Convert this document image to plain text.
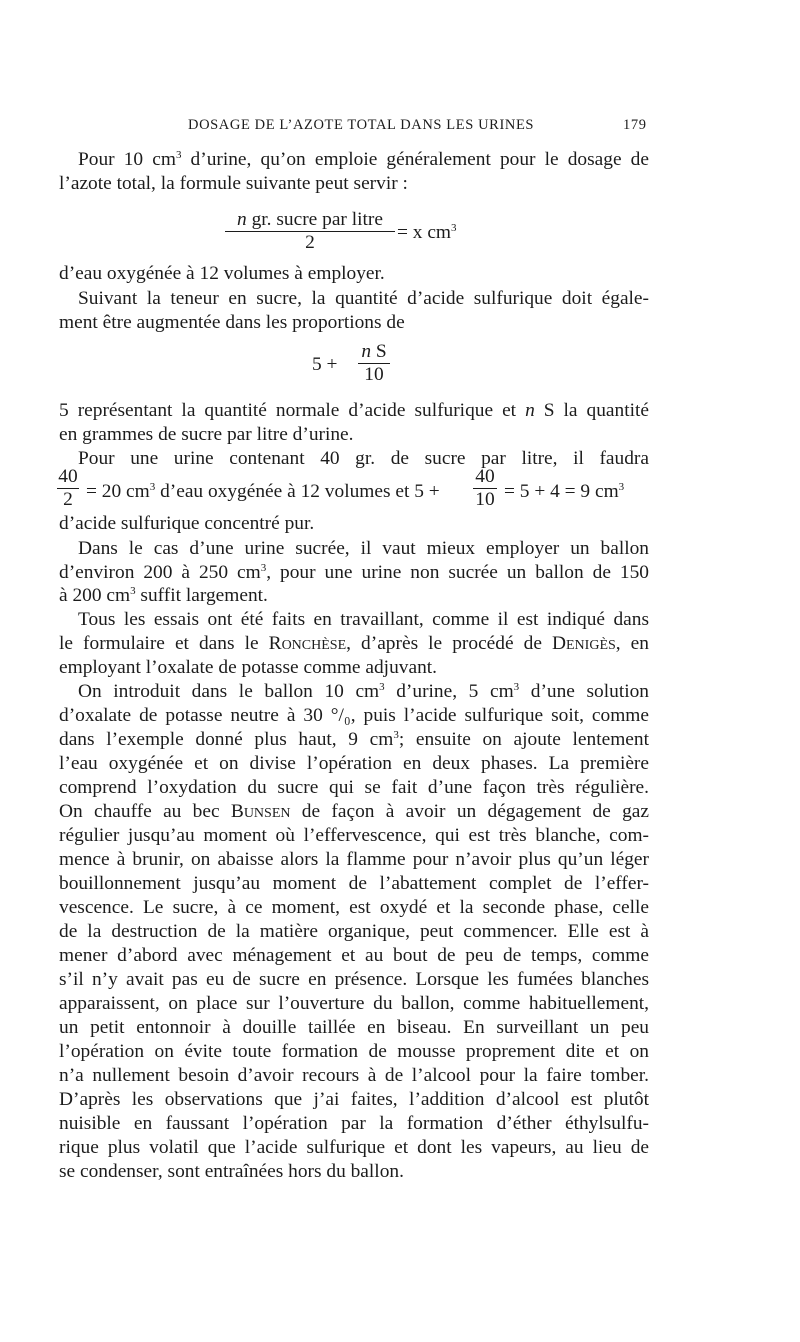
DOSAGE DE L’AZOTE TOTAL DANS LES URINES	179
Pour 10 $cm^3$ d’urine, qu’on emploie généralement pour le dosage de
l’azote total, la formule suivante peut servir :
n gr. sucre par litre
2	= x $cm^3$
d’eau oxygénée à 12 volumes à employer.
Suivant la teneur en sucre, la quantité d’acide sulfurique doit égale-
ment être augmentée dans les proportions de
5 +
n S
10
5 représentant la quantité normale d’acide sulfurique et n S la quantité
en grammes de sucre par litre d’urine.
Pour une urine contenant 40 gr. de sucre par litre, il faudra
40
2 = 20 $cm^3$ d’eau oxygénée à 12 volumes et 5 +
40
10 = 5 + 4 = 9 $cm^3$
d’acide sulfurique concentré pur.
Dans le cas d’une urine sucrée, il vaut mieux employer un ballon
d’environ 200 à 250 $cm^3$, pour une urine non sucrée un ballon de 150
à 200 $cm^3$ suffit largement.
Tous les essais ont été faits en travaillant, comme il est indiqué dans
le formulaire et dans le Ronchèse, d’après le procédé de Denigès, en
employant l’oxalate de potasse comme adjuvant.
On introduit dans le ballon 10 $cm^3$ d’urine, 5 $cm^3$ d’une solution
d’oxalate de potasse neutre à 30 °/₀, puis l’acide sulfurique soit, comme
dans l’exemple donné plus haut, 9 $cm^3$; ensuite on ajoute lentement
l’eau oxygénée et on divise l’opération en deux phases. La première
comprend l’oxydation du sucre qui se fait d’une façon très régulière.
On chauffe au bec Bunsen de façon à avoir un dégagement de gaz
régulier jusqu’au moment où l’effervescence, qui est très blanche, com-
mence à brunir, on abaisse alors la flamme pour n’avoir plus qu’un léger
bouillonnement jusqu’au moment de l’abattement complet de l’effer-
vescence. Le sucre, à ce moment, est oxydé et la seconde phase, celle
de la destruction de la matière organique, peut commencer. Elle est à
mener d’abord avec ménagement et au bout de peu de temps, comme
s’il n’y avait pas eu de sucre en présence. Lorsque les fumées blanches
apparaissent, on place sur l’ouverture du ballon, comme habituellement,
un petit entonnoir à douille taillée en biseau. En surveillant un peu
l’opération on évite toute formation de mousse proprement dite et on
n’a nullement besoin d’avoir recours à de l’alcool pour la faire tomber.
D’après les observations que j’ai faites, l’addition d’alcool est plutôt
nuisible en faussant l’opération par la formation d’éther éthylsulfu-
rique plus volatil que l’acide sulfurique et dont les vapeurs, au lieu de
se condenser, sont entraînées hors du ballon.
